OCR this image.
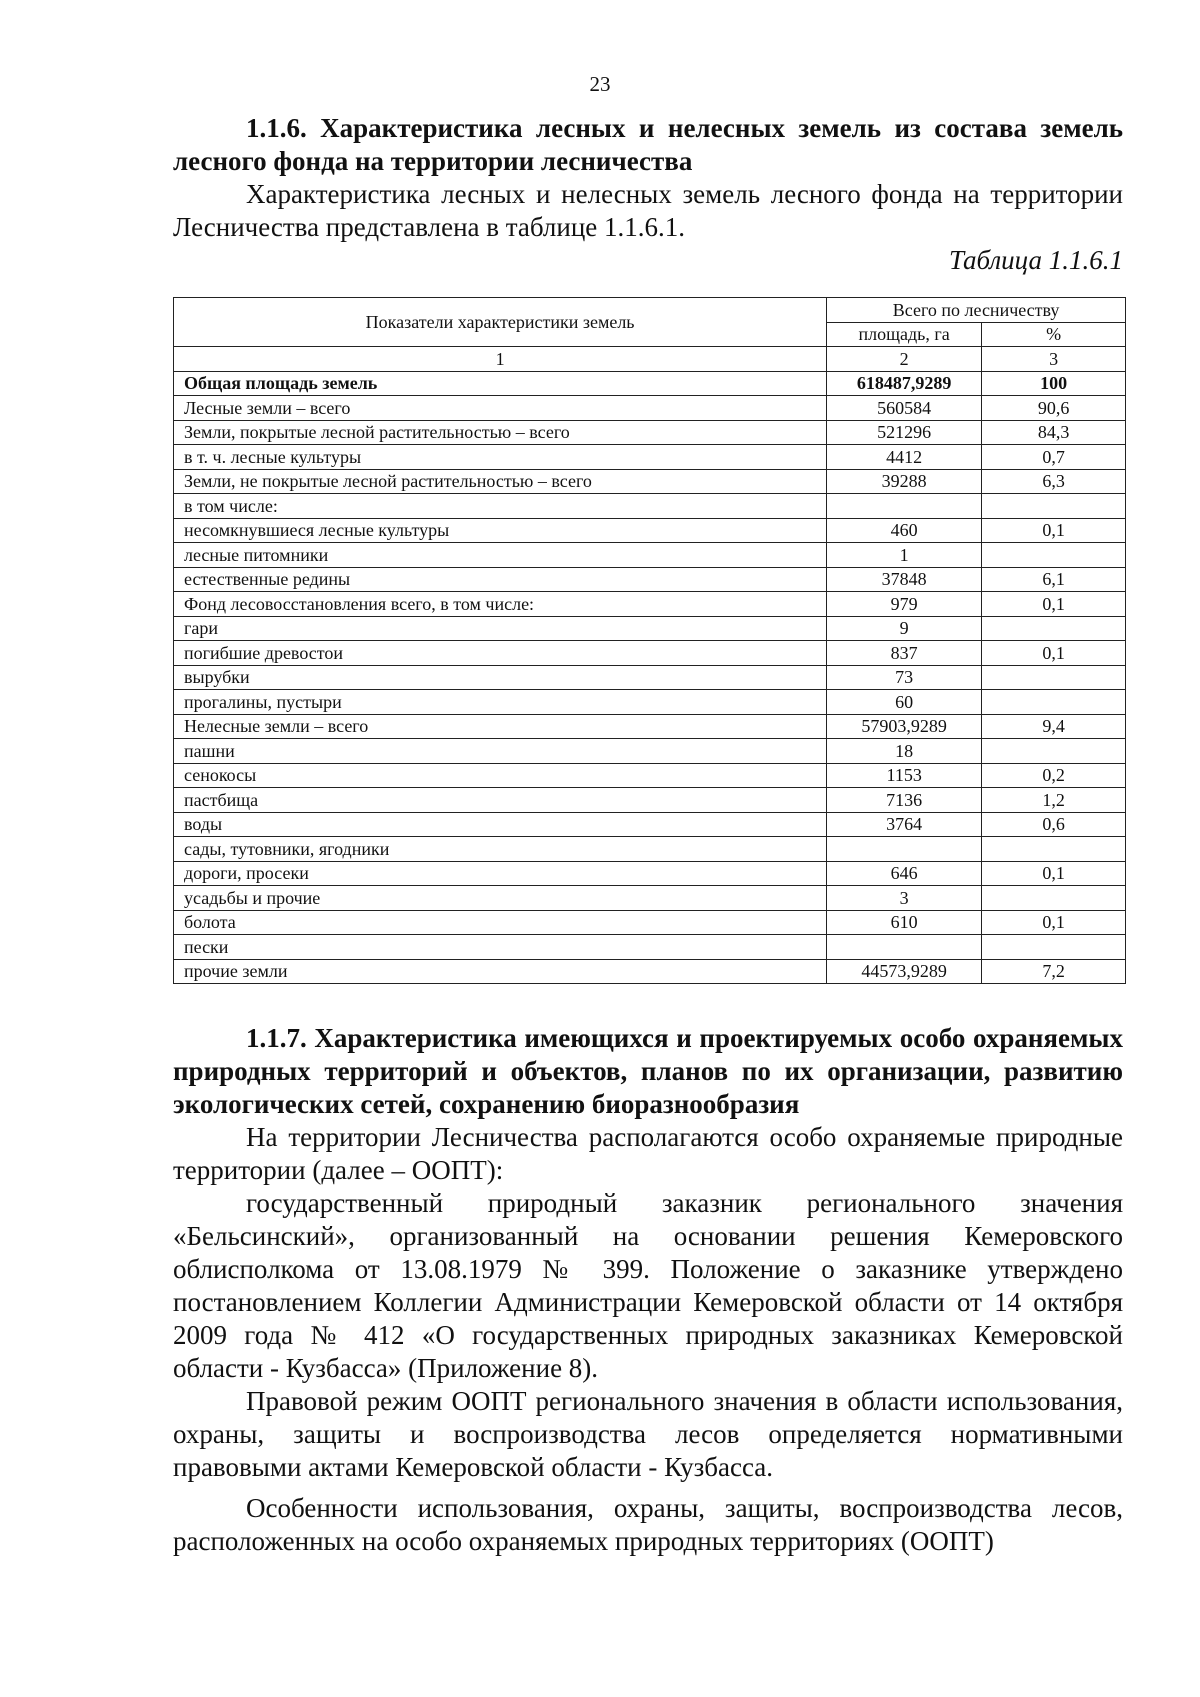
23
1.1.6. Характеристика лесных и нелесных земель из состава земель лесного фонда на территории лесничества

Характеристика лесных и нелесных земель лесного фонда на территории Лесничества представлена в таблице 1.1.6.1.

Таблица 1.1.6.1
Показатели характеристики земель	Всего по лесничеству	
	площадь, га	%
1	2	3
Общая площадь земель	618487,9289	100
Лесные земли – всего	560584	90,6
Земли, покрытые лесной растительностью – всего	521296	84,3
в т. ч. лесные культуры	4412	0,7
Земли, не покрытые лесной растительностью – всего	39288	6,3
в том числе:		
несомкнувшиеся лесные культуры	460	0,1
лесные питомники	1	
естественные редины	37848	6,1
Фонд лесовосстановления всего, в том числе:	979	0,1
гари	9	
погибшие древостои	837	0,1
вырубки	73	
прогалины, пустыри	60	
Нелесные земли – всего	57903,9289	9,4
пашни	18	
сенокосы	1153	0,2
пастбища	7136	1,2
воды	3764	0,6
сады, тутовники, ягодники		
дороги, просеки	646	0,1
усадьбы и прочие	3	
болота	610	0,1
пески		
прочие земли	44573,9289	7,2
1.1.7. Характеристика имеющихся и проектируемых особо охраняемых природных территорий и объектов, планов по их организации, развитию экологических сетей, сохранению биоразнообразия

На территории Лесничества располагаются особо охраняемые природные территории (далее – ООПТ):

государственный природный заказник регионального значения «Бельсинский», организованный на основании решения Кемеровского облисполкома от 13.08.1979 № 399. Положение о заказнике утверждено постановлением Коллегии Администрации Кемеровской области от 14 октября 2009 года № 412 «О государственных природных заказниках Кемеровской области - Кузбасса» (Приложение 8).

Правовой режим ООПТ регионального значения в области использования, охраны, защиты и воспроизводства лесов определяется нормативными правовыми актами Кемеровской области - Кузбасса.

Особенности использования, охраны, защиты, воспроизводства лесов, расположенных на особо охраняемых природных территориях (ООПТ)
